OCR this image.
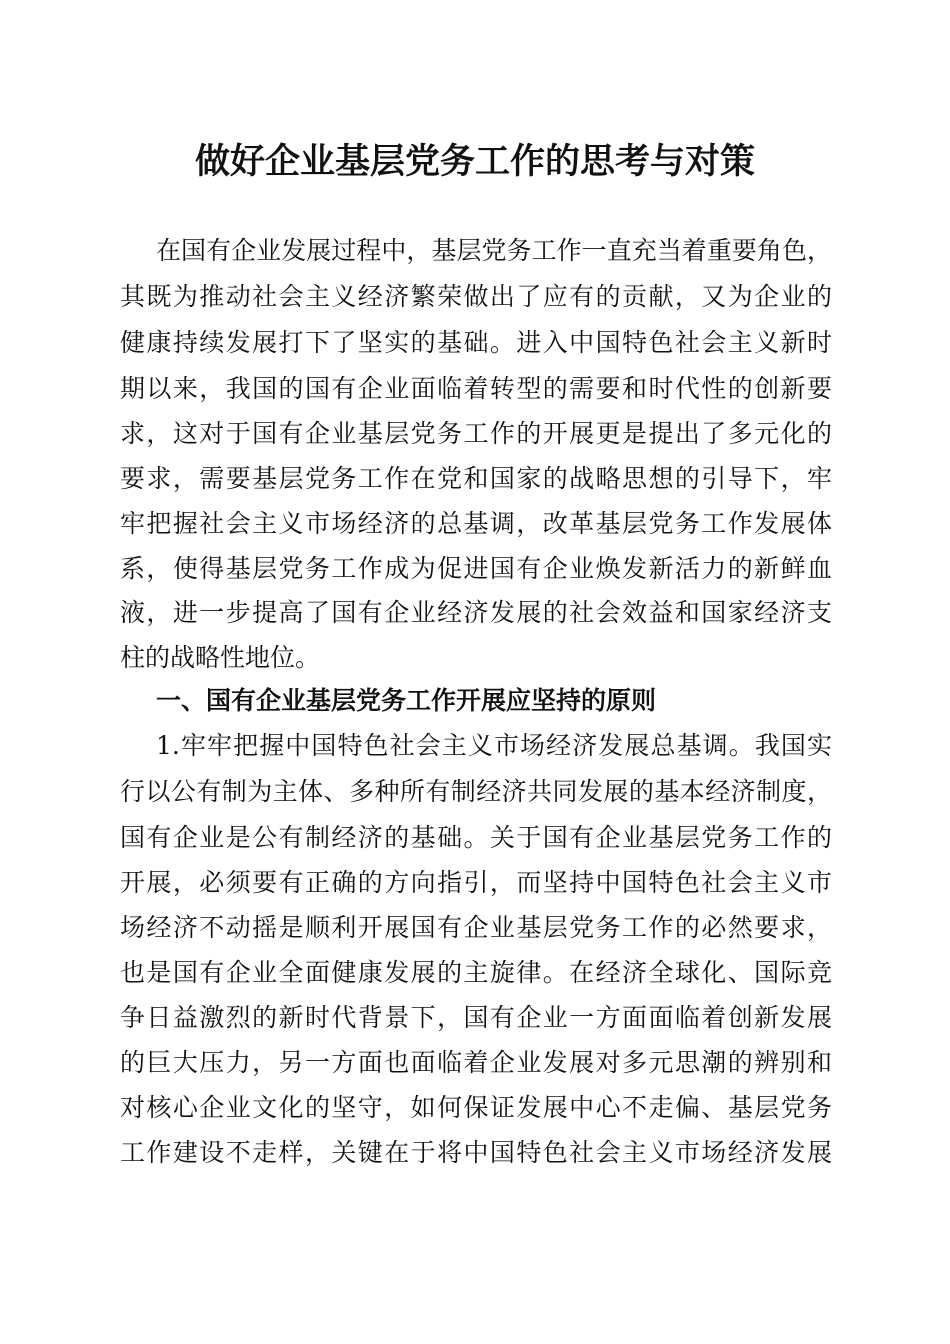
做好企业基层党务工作的思考与对策

在国有企业发展过程中，基层党务工作一直充当着重要角色，

其既为推动社会主义经济繁荣做出了应有的贡献，又为企业的

健康持续发展打下了坚实的基础。进入中国特色社会主义新时

期以来，我国的国有企业面临着转型的需要和时代性的创新要

求，这对于国有企业基层党务工作的开展更是提出了多元化的

要求，需要基层党务工作在党和国家的战略思想的引导下，牢

牢把握社会主义市场经济的总基调，改革基层党务工作发展体

系，使得基层党务工作成为促进国有企业焕发新活力的新鲜血

液，进一步提高了国有企业经济发展的社会效益和国家经济支

柱的战略性地位。

一、国有企业基层党务工作开展应坚持的原则

1.牢牢把握中国特色社会主义市场经济发展总基调。我国实

行以公有制为主体、多种所有制经济共同发展的基本经济制度，

国有企业是公有制经济的基础。关于国有企业基层党务工作的

开展，必须要有正确的方向指引，而坚持中国特色社会主义市

场经济不动摇是顺利开展国有企业基层党务工作的必然要求，

也是国有企业全面健康发展的主旋律。在经济全球化、国际竞

争日益激烈的新时代背景下，国有企业一方面面临着创新发展

的巨大压力，另一方面也面临着企业发展对多元思潮的辨别和

对核心企业文化的坚守，如何保证发展中心不走偏、基层党务

工作建设不走样，关键在于将中国特色社会主义市场经济发展
